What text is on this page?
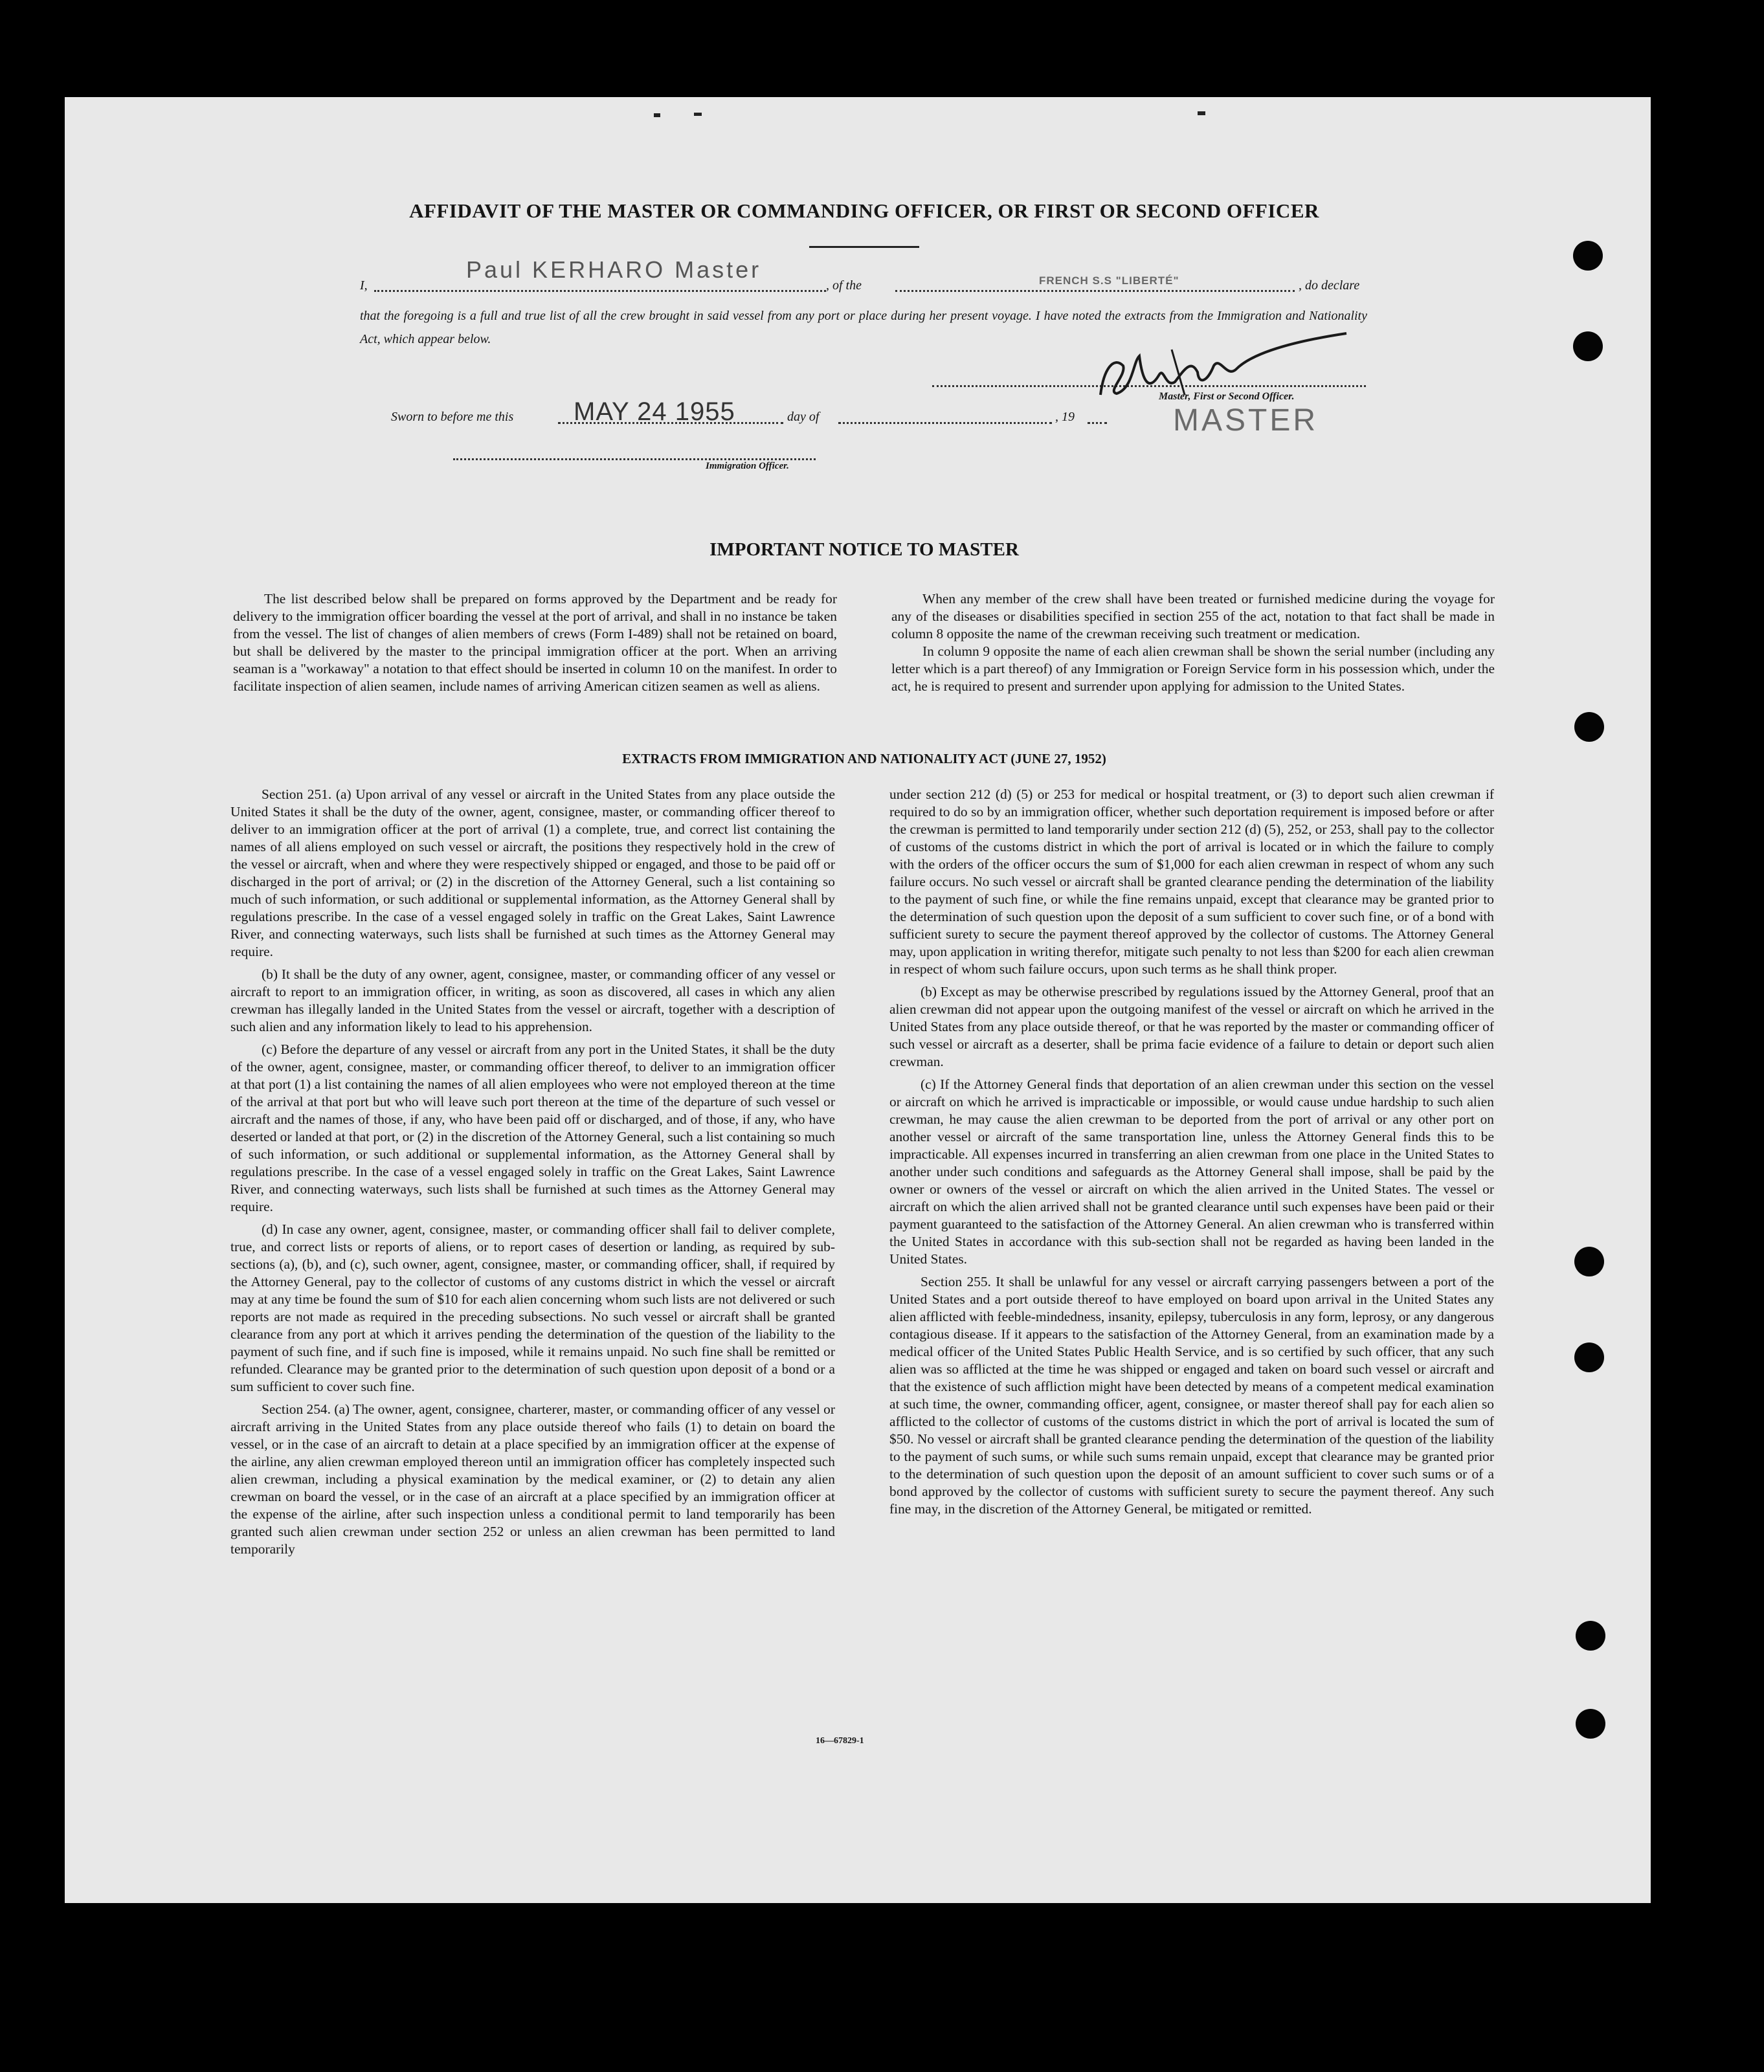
AFFIDAVIT OF THE MASTER OR COMMANDING OFFICER, OR FIRST OR SECOND OFFICER
I,
Paul KERHARO Master
, of the	FRENCH S.S "LIBERTÉ"	, do declare
that the foregoing is a full and true list of all the crew brought in said vessel from any port or place during her present voyage. I have noted the extracts from the Immigration and Nationality Act, which appear below.
Master, First or Second Officer.
MASTER
Sworn to before me this MAY 24 1955	day of	, 19
Immigration Officer.
IMPORTANT NOTICE TO MASTER

The list described below shall be prepared on forms approved by the Department and be ready for delivery to the immigration officer boarding the vessel at the port of arrival, and shall in no instance be taken from the vessel. The list of changes of alien members of crews (Form I-489) shall not be retained on board, but shall be delivered by the master to the principal immigration officer at the port. When an arriving seaman is a "workaway" a notation to that effect should be inserted in column 10 on the manifest. In order to facilitate inspection of alien seamen, include names of arriving American citizen seamen as well as aliens.

When any member of the crew shall have been treated or furnished medicine during the voyage for any of the diseases or disabilities specified in section 255 of the act, notation to that fact shall be made in column 8 opposite the name of the crewman receiving such treatment or medication.

In column 9 opposite the name of each alien crewman shall be shown the serial number (including any letter which is a part thereof) of any Immigration or Foreign Service form in his possession which, under the act, he is required to present and surrender upon applying for admission to the United States.

EXTRACTS FROM IMMIGRATION AND NATIONALITY ACT (JUNE 27, 1952)

Section 251. (a) Upon arrival of any vessel or aircraft in the United States from any place outside the United States it shall be the duty of the owner, agent, consignee, master, or commanding officer thereof to deliver to an immigration officer at the port of arrival (1) a complete, true, and correct list containing the names of all aliens employed on such vessel or aircraft, the positions they respectively hold in the crew of the vessel or aircraft, when and where they were respectively shipped or engaged, and those to be paid off or discharged in the port of arrival; or (2) in the discretion of the Attorney General, such a list containing so much of such information, or such additional or supplemental information, as the Attorney General shall by regulations prescribe. In the case of a vessel engaged solely in traffic on the Great Lakes, Saint Lawrence River, and connecting waterways, such lists shall be furnished at such times as the Attorney General may require.

(b) It shall be the duty of any owner, agent, consignee, master, or commanding officer of any vessel or aircraft to report to an immigration officer, in writing, as soon as discovered, all cases in which any alien crewman has illegally landed in the United States from the vessel or aircraft, together with a description of such alien and any information likely to lead to his apprehension.

(c) Before the departure of any vessel or aircraft from any port in the United States, it shall be the duty of the owner, agent, consignee, master, or commanding officer thereof, to deliver to an immigration officer at that port (1) a list containing the names of all alien employees who were not employed thereon at the time of the arrival at that port but who will leave such port thereon at the time of the departure of such vessel or aircraft and the names of those, if any, who have been paid off or discharged, and of those, if any, who have deserted or landed at that port, or (2) in the discretion of the Attorney General, such a list containing so much of such information, or such additional or supplemental information, as the Attorney General shall by regulations prescribe. In the case of a vessel engaged solely in traffic on the Great Lakes, Saint Lawrence River, and connecting waterways, such lists shall be furnished at such times as the Attorney General may require.

(d) In case any owner, agent, consignee, master, or commanding officer shall fail to deliver complete, true, and correct lists or reports of aliens, or to report cases of desertion or landing, as required by sub-sections (a), (b), and (c), such owner, agent, consignee, master, or commanding officer, shall, if required by the Attorney General, pay to the collector of customs of any customs district in which the vessel or aircraft may at any time be found the sum of $10 for each alien concerning whom such lists are not delivered or such reports are not made as required in the preceding subsections. No such vessel or aircraft shall be granted clearance from any port at which it arrives pending the determination of the question of the liability to the payment of such fine, and if such fine is imposed, while it remains unpaid. No such fine shall be remitted or refunded. Clearance may be granted prior to the determination of such question upon deposit of a bond or a sum sufficient to cover such fine.

Section 254. (a) The owner, agent, consignee, charterer, master, or commanding officer of any vessel or aircraft arriving in the United States from any place outside thereof who fails (1) to detain on board the vessel, or in the case of an aircraft to detain at a place specified by an immigration officer at the expense of the airline, any alien crewman employed thereon until an immigration officer has completely inspected such alien crewman, including a physical examination by the medical examiner, or (2) to detain any alien crewman on board the vessel, or in the case of an aircraft at a place specified by an immigration officer at the expense of the airline, after such inspection unless a conditional permit to land temporarily has been granted such alien crewman under section 252 or unless an alien crewman has been permitted to land temporarily

under section 212 (d) (5) or 253 for medical or hospital treatment, or (3) to deport such alien crewman if required to do so by an immigration officer, whether such deportation requirement is imposed before or after the crewman is permitted to land temporarily under section 212 (d) (5), 252, or 253, shall pay to the collector of customs of the customs district in which the port of arrival is located or in which the failure to comply with the orders of the officer occurs the sum of $1,000 for each alien crewman in respect of whom any such failure occurs. No such vessel or aircraft shall be granted clearance pending the determination of the liability to the payment of such fine, or while the fine remains unpaid, except that clearance may be granted prior to the determination of such question upon the deposit of a sum sufficient to cover such fine, or of a bond with sufficient surety to secure the payment thereof approved by the collector of customs. The Attorney General may, upon application in writing therefor, mitigate such penalty to not less than $200 for each alien crewman in respect of whom such failure occurs, upon such terms as he shall think proper.

(b) Except as may be otherwise prescribed by regulations issued by the Attorney General, proof that an alien crewman did not appear upon the outgoing manifest of the vessel or aircraft on which he arrived in the United States from any place outside thereof, or that he was reported by the master or commanding officer of such vessel or aircraft as a deserter, shall be prima facie evidence of a failure to detain or deport such alien crewman.

(c) If the Attorney General finds that deportation of an alien crewman under this section on the vessel or aircraft on which he arrived is impracticable or impossible, or would cause undue hardship to such alien crewman, he may cause the alien crewman to be deported from the port of arrival or any other port on another vessel or aircraft of the same transportation line, unless the Attorney General finds this to be impracticable. All expenses incurred in transferring an alien crewman from one place in the United States to another under such conditions and safeguards as the Attorney General shall impose, shall be paid by the owner or owners of the vessel or aircraft on which the alien arrived in the United States. The vessel or aircraft on which the alien arrived shall not be granted clearance until such expenses have been paid or their payment guaranteed to the satisfaction of the Attorney General. An alien crewman who is transferred within the United States in accordance with this sub-section shall not be regarded as having been landed in the United States.

Section 255. It shall be unlawful for any vessel or aircraft carrying passengers between a port of the United States and a port outside thereof to have employed on board upon arrival in the United States any alien afflicted with feeble-mindedness, insanity, epilepsy, tuberculosis in any form, leprosy, or any dangerous contagious disease. If it appears to the satisfaction of the Attorney General, from an examination made by a medical officer of the United States Public Health Service, and is so certified by such officer, that any such alien was so afflicted at the time he was shipped or engaged and taken on board such vessel or aircraft and that the existence of such affliction might have been detected by means of a competent medical examination at such time, the owner, commanding officer, agent, consignee, or master thereof shall pay for each alien so afflicted to the collector of customs of the customs district in which the port of arrival is located the sum of $50. No vessel or aircraft shall be granted clearance pending the determination of the question of the liability to the payment of such sums, or while such sums remain unpaid, except that clearance may be granted prior to the determination of such question upon the deposit of an amount sufficient to cover such sums or of a bond approved by the collector of customs with sufficient surety to secure the payment thereof. Any such fine may, in the discretion of the Attorney General, be mitigated or remitted.

16—67829-1
